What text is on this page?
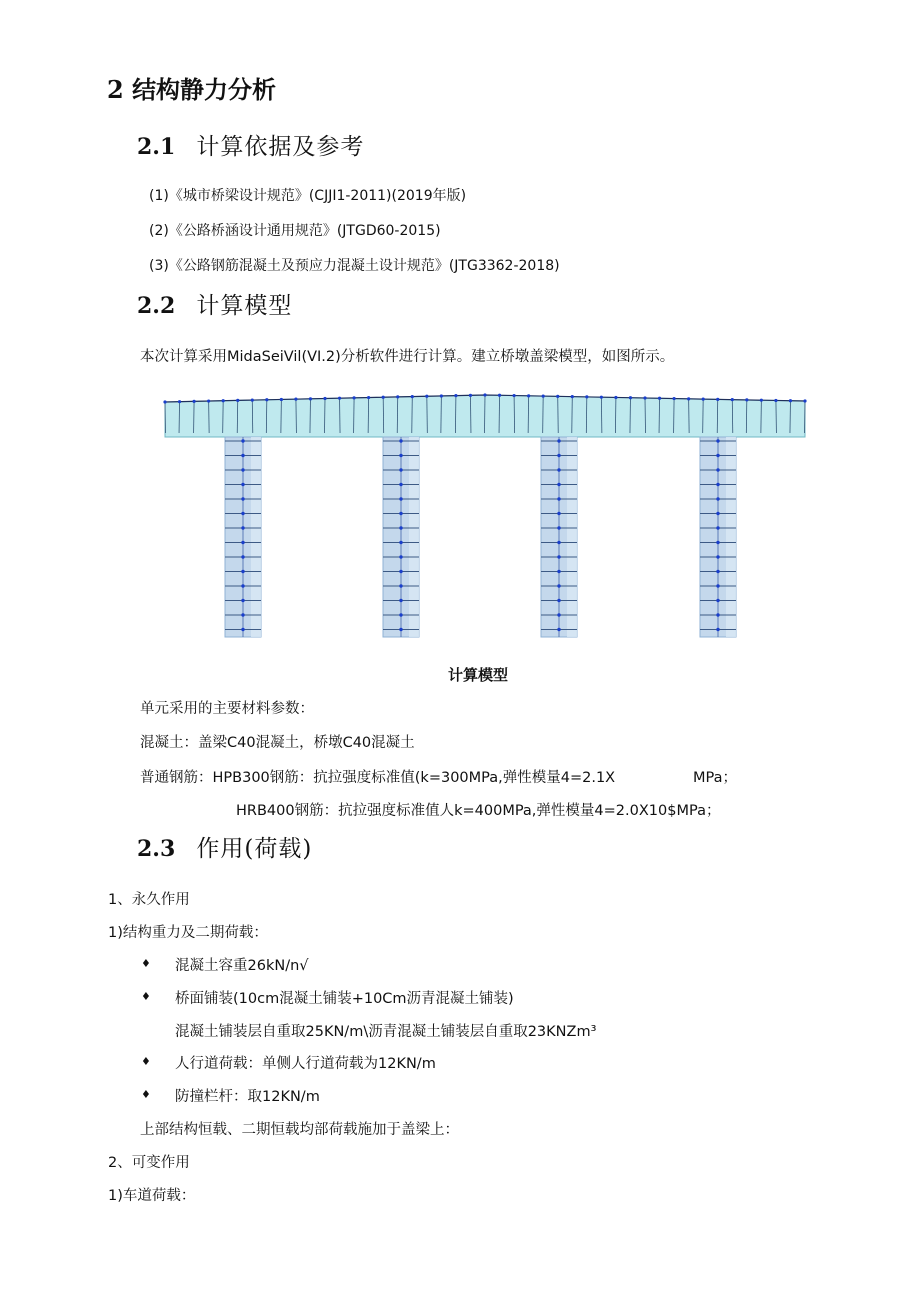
2 结构静力分析
2.1 计算依据及参考
(1)《城市桥梁设计规范》(CJJI1-2011)(2019年版)
(2)《公路桥涵设计通用规范》(JTGD60-2015)
(3)《公路钢筋混凝土及预应力混凝土设计规范》(JTG3362-2018)
2.2 计算模型
本次计算采用MidaSeiVil(VI.2)分析软件进行计算。建立桥墩盖梁模型，如图所示。
计算模型
单元采用的主要材料参数：
混凝土：盖梁C40混凝土，桥墩C40混凝土
普通钢筋：HPB300钢筋：抗拉强度标准值(k=300MPa,弹性模量4=2.1X	MPa；
HRB400钢筋：抗拉强度标准值人k=400MPa,弹性模量4=2.0X10$MPa；
2.3 作用(荷载)
1、永久作用
1)结构重力及二期荷载：
♦ 混凝土容重26kN/n√
♦ 桥面铺装(10cm混凝土铺装+10Cm沥青混凝土铺装)
混凝土铺装层自重取25KN/m\沥青混凝土铺装层自重取23KNZm³
♦ 人行道荷载：单侧人行道荷载为12KN/m
♦ 防撞栏杆：取12KN/m
上部结构恒载、二期恒载均部荷载施加于盖梁上：
2、可变作用
1)车道荷载：
